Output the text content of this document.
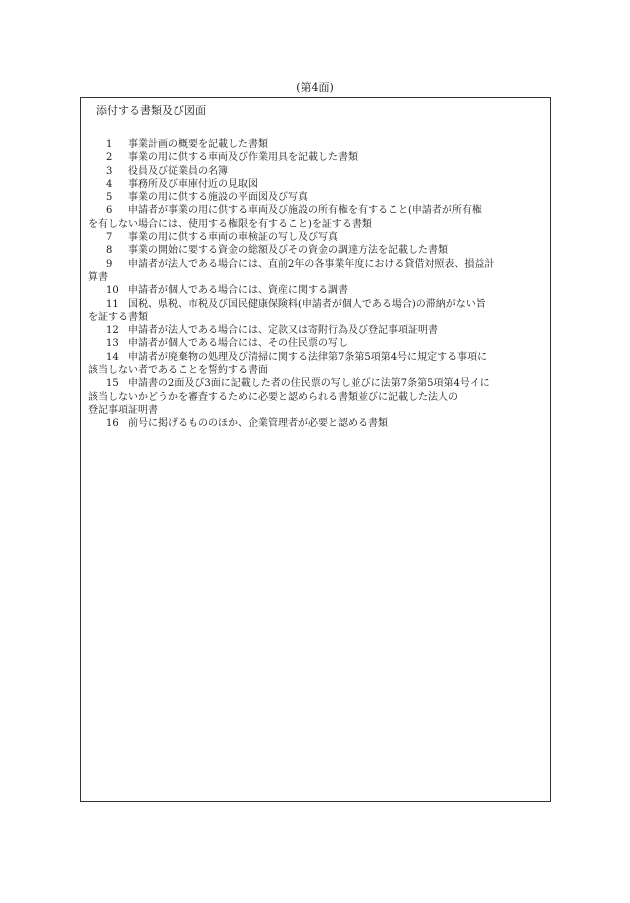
(第4面)
添付する書類及び図面
1 事業計画の概要を記載した書類
2 事業の用に供する車両及び作業用具を記載した書類
3 役員及び従業員の名簿
4 事務所及び車庫付近の見取図
5 事業の用に供する施設の平面図及び写真
6 申請者が事業の用に供する車両及び施設の所有権を有すること(申請者が所有権
を有しない場合には、使用する権限を有すること)を証する書類
7 事業の用に供する車両の車検証の写し及び写真
8 事業の開始に要する資金の総額及びその資金の調達方法を記載した書類
9 申請者が法人である場合には、直前2年の各事業年度における貸借対照表、損益計
算書
10 申請者が個人である場合には、資産に関する調書
11 国税、県税、市税及び国民健康保険料(申請者が個人である場合)の滞納がない旨
を証する書類
12 申請者が法人である場合には、定款又は寄附行為及び登記事項証明書
13 申請者が個人である場合には、その住民票の写し
14 申請者が廃棄物の処理及び清掃に関する法律第7条第5項第4号に規定する事項に
該当しない者であることを誓約する書面
15 申請書の2面及び3面に記載した者の住民票の写し並びに法第7条第5項第4号イに
該当しないかどうかを審査するために必要と認められる書類並びに記載した法人の
登記事項証明書
16 前号に掲げるもののほか、企業管理者が必要と認める書類
